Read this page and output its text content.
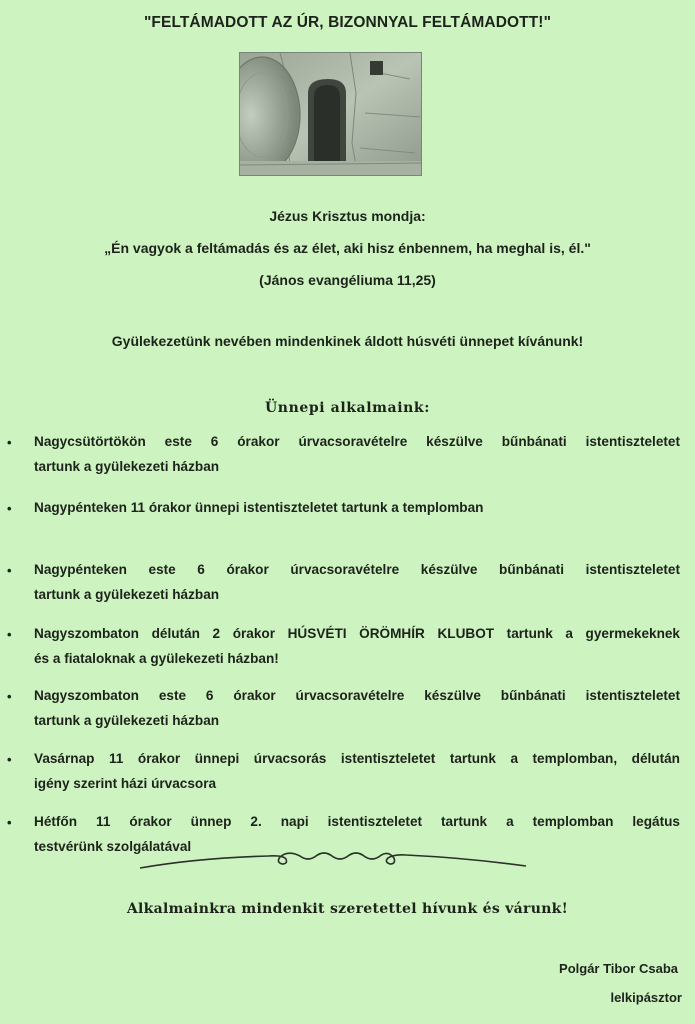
"FELTÁMADOTT AZ ÚR, BIZONNYAL FELTÁMADOTT!"
Jézus Krisztus mondja:
„Én vagyok a feltámadás és az élet, aki hisz énbennem, ha meghal is, él."
(János evangéliuma 11,25)
Gyülekezetünk nevében mindenkinek áldott húsvéti ünnepet kívánunk!
Ünnepi alkalmaink:
• Nagycsütörtökön este 6 órakor úrvacsoravételre készülve bűnbánati istentiszteletet
tartunk a gyülekezeti házban
• Nagypénteken 11 órakor ünnepi istentiszteletet tartunk a templomban
• Nagypénteken este 6 órakor úrvacsoravételre készülve bűnbánati istentiszteletet
tartunk a gyülekezeti házban
• Nagyszombaton délután 2 órakor HÚSVÉTI ÖRÖMHÍR KLUBOT tartunk a gyermekeknek
és a fiataloknak a gyülekezeti házban!
• Nagyszombaton este 6 órakor úrvacsoravételre készülve bűnbánati istentiszteletet
tartunk a gyülekezeti házban
• Vasárnap 11 órakor ünnepi úrvacsorás istentiszteletet tartunk a templomban, délután
igény szerint házi úrvacsora
• Hétfőn 11 órakor ünnep 2. napi istentiszteletet tartunk a templomban legátus
testvérünk szolgálatával
Alkalmainkra mindenkit szeretettel hívunk és várunk!
Polgár Tibor Csaba
lelkipásztor
